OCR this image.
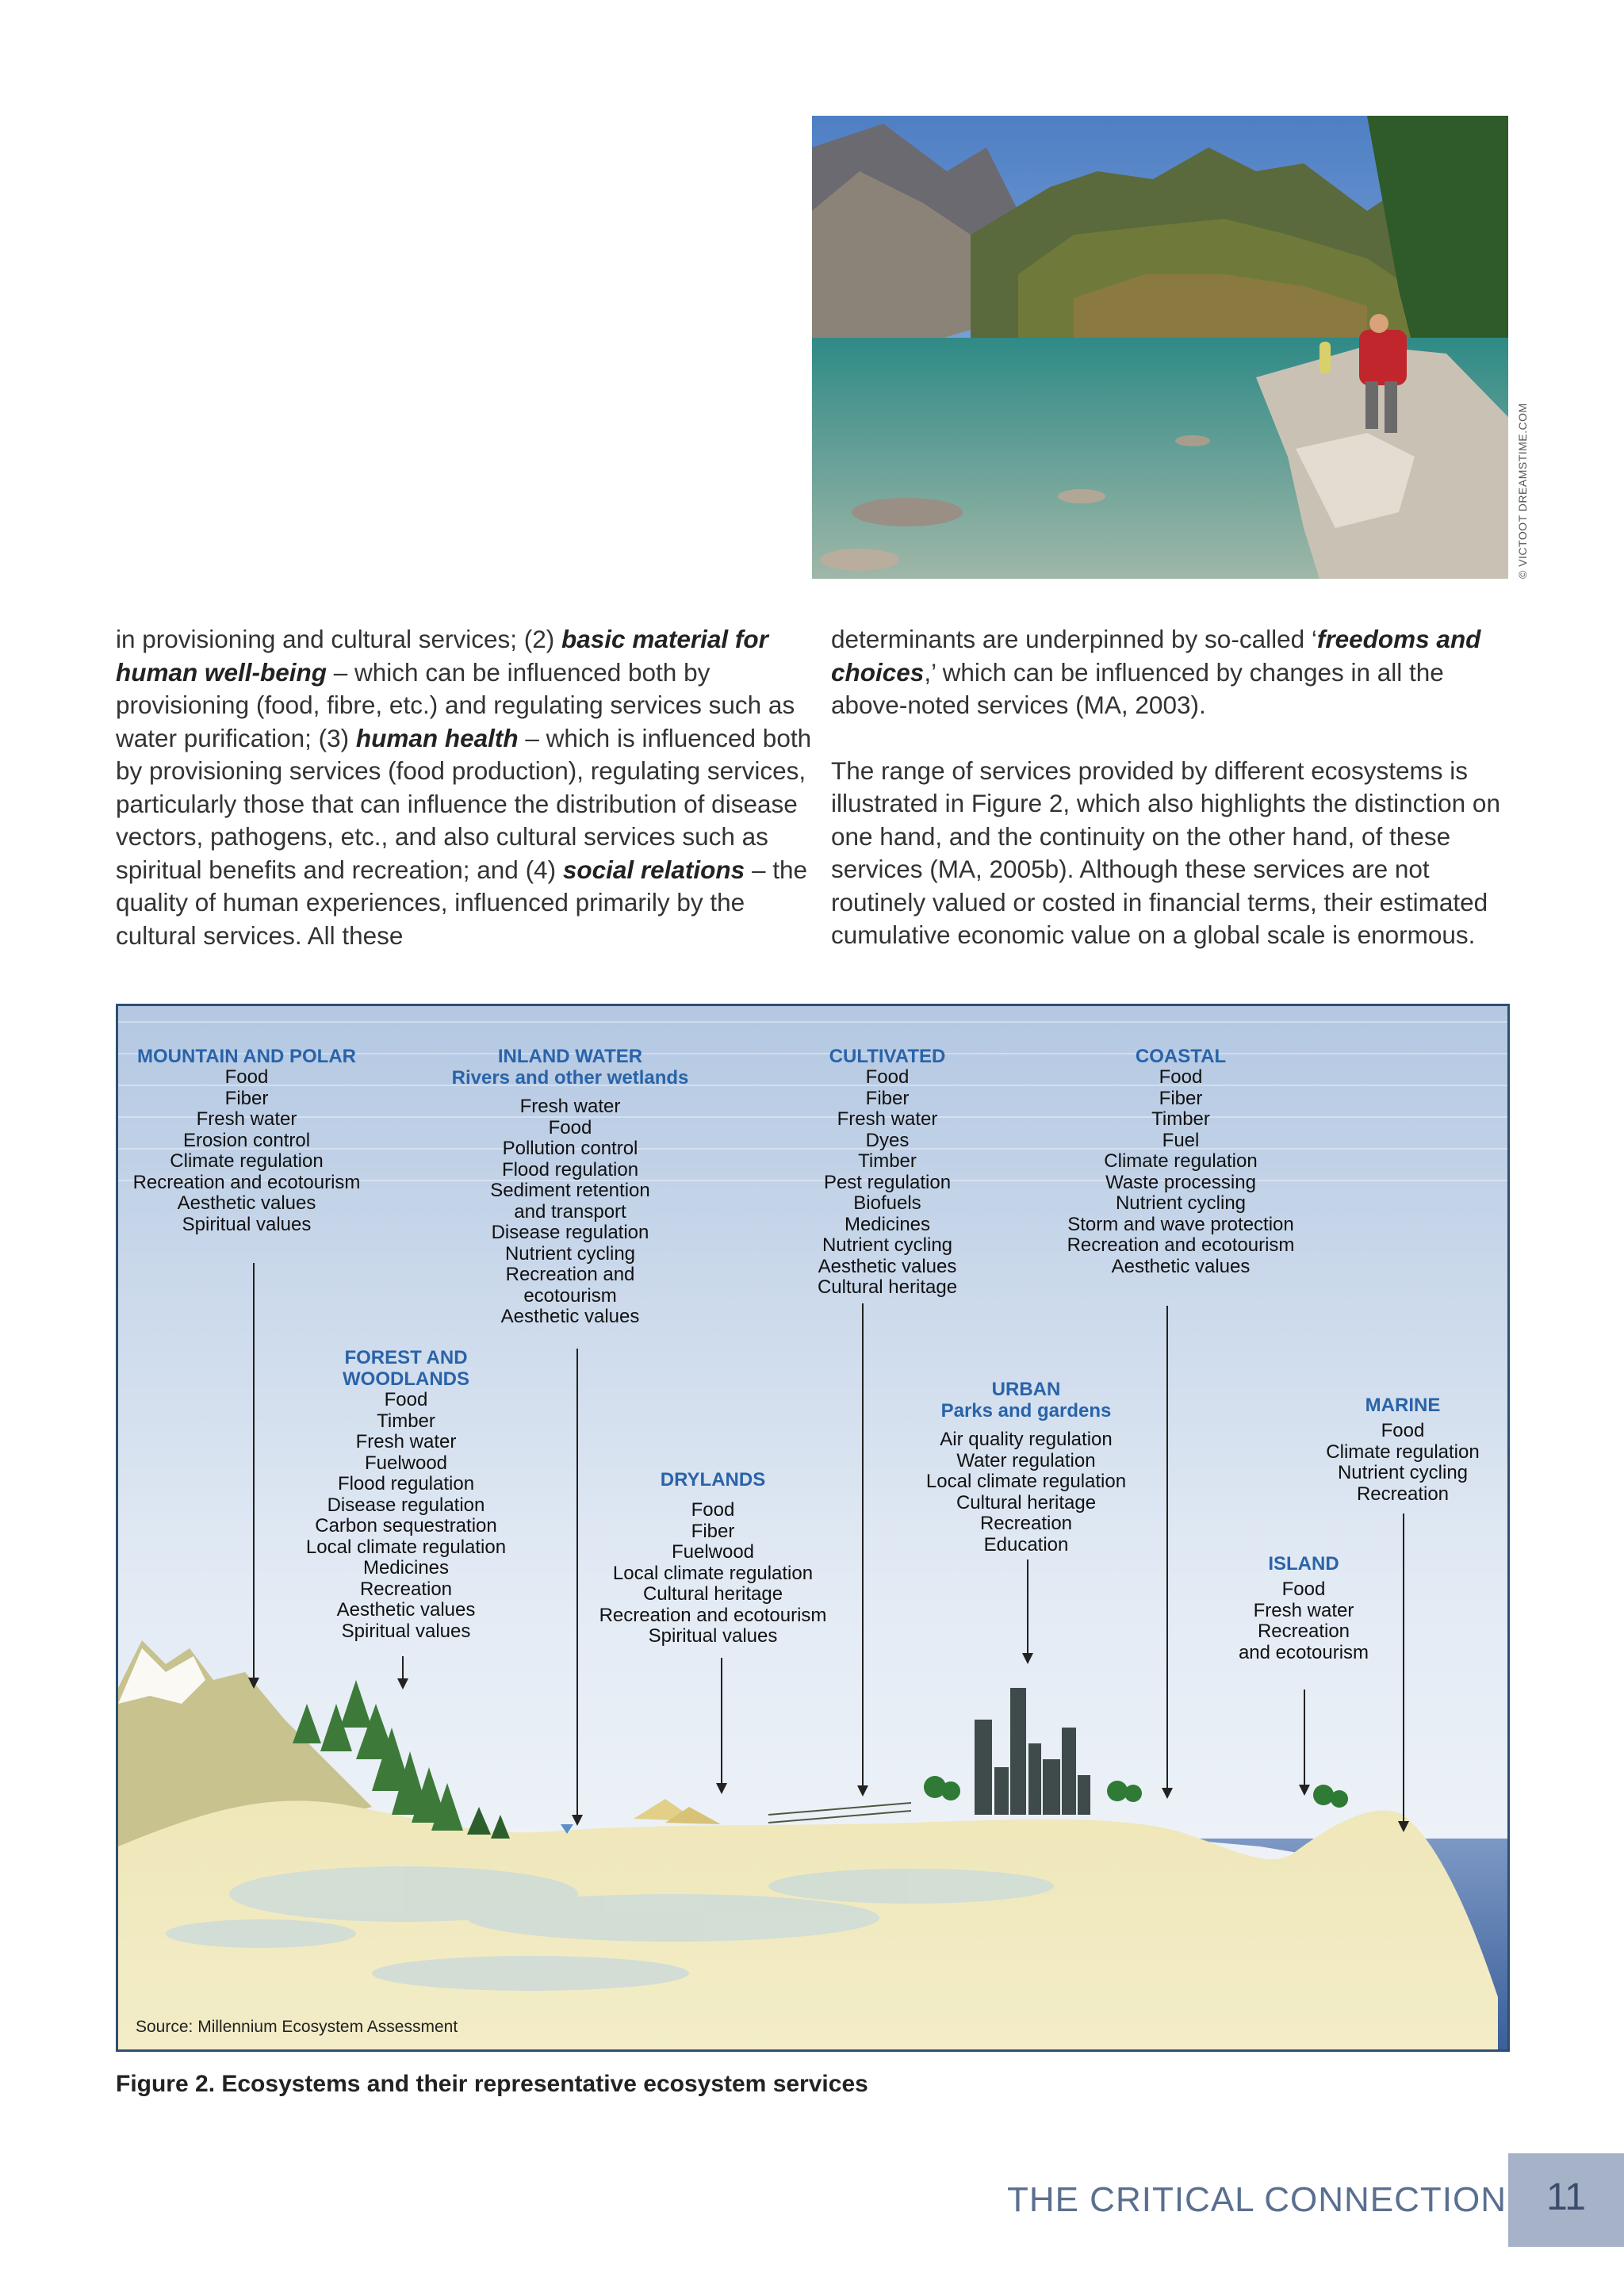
© VICTOOT DREAMSTIME.COM

in provisioning and cultural services; (2) basic material for human well-being – which can be influenced both by provisioning (food, fibre, etc.) and regulating services such as water purification; (3) human health – which is influenced both by provisioning services (food production), regulating services, particularly those that can influence the distribution of disease vectors, pathogens, etc., and also cultural services such as spiritual benefits and recreation; and (4) social relations – the quality of human experiences, influenced primarily by the cultural services. All these

determinants are underpinned by so-called ‘freedoms and choices,’ which can be influenced by changes in all the above-noted services (MA, 2003).

The range of services provided by different ecosystems is illustrated in Figure 2, which also highlights the distinction on one hand, and the continuity on the other hand, of these services (MA, 2005b). Although these services are not routinely valued or costed in financial terms, their estimated cumulative economic value on a global scale is enormous.

MOUNTAIN AND POLAR
Food
Fiber
Fresh water
Erosion control
Climate regulation
Recreation and ecotourism
Aesthetic values
Spiritual values
INLAND WATER
Rivers and other wetlands
Fresh water
Food
Pollution control
Flood regulation
Sediment retention
and transport
Disease regulation
Nutrient cycling
Recreation and
ecotourism
Aesthetic values
CULTIVATED
Food
Fiber
Fresh water
Dyes
Timber
Pest regulation
Biofuels
Medicines
Nutrient cycling
Aesthetic values
Cultural heritage
COASTAL
Food
Fiber
Timber
Fuel
Climate regulation
Waste processing
Nutrient cycling
Storm and wave protection
Recreation and ecotourism
Aesthetic values
FOREST AND
WOODLANDS
Food
Timber
Fresh water
Fuelwood
Flood regulation
Disease regulation
Carbon sequestration
Local climate regulation
Medicines
Recreation
Aesthetic values
Spiritual values
DRYLANDS
Food
Fiber
Fuelwood
Local climate regulation
Cultural heritage
Recreation and ecotourism
Spiritual values
URBAN
Parks and gardens
Air quality regulation
Water regulation
Local climate regulation
Cultural heritage
Recreation
Education
MARINE
Food
Climate regulation
Nutrient cycling
Recreation
ISLAND
Food
Fresh water
Recreation
and ecotourism
Source: Millennium Ecosystem Assessment
Figure 2. Ecosystems and their representative ecosystem services
THE CRITICAL CONNECTION	11
